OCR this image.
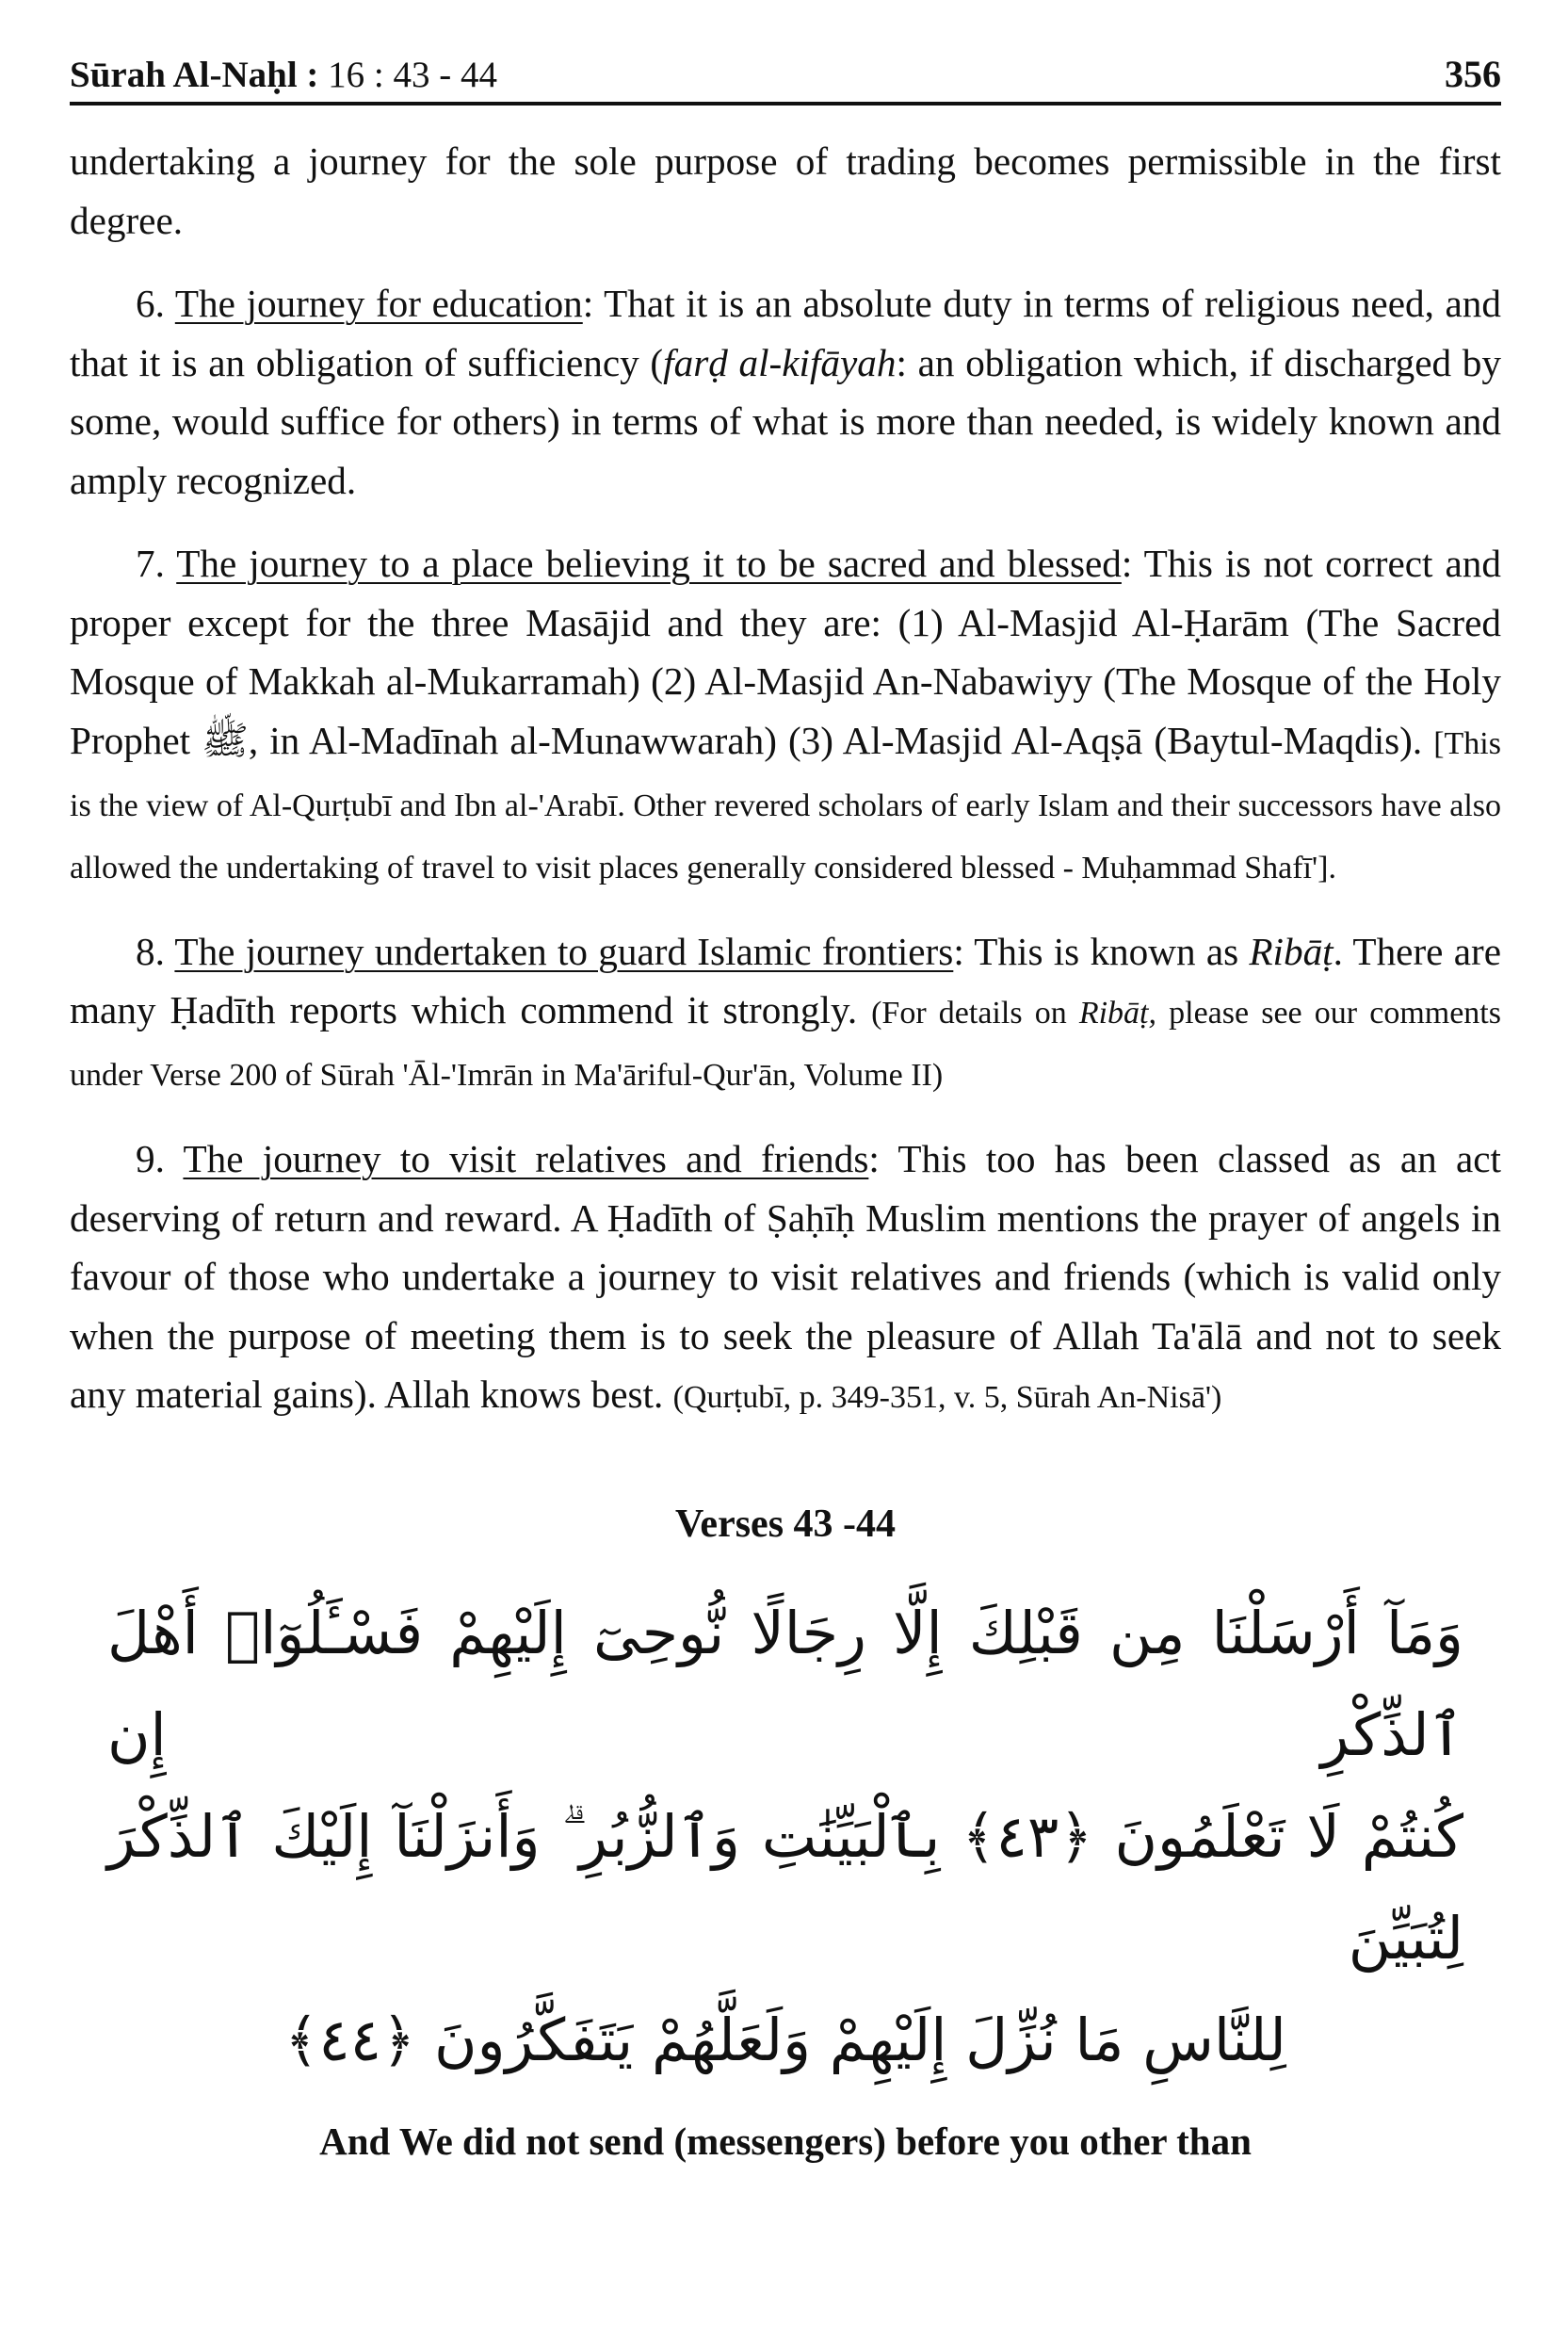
Sūrah Al-Naḥl : 16 : 43 - 44	356

undertaking a journey for the sole purpose of trading becomes permissible in the first degree.

6. The journey for education: That it is an absolute duty in terms of religious need, and that it is an obligation of sufficiency (farḍ al-kifāyah: an obligation which, if discharged by some, would suffice for others) in terms of what is more than needed, is widely known and amply recognized.

7. The journey to a place believing it to be sacred and blessed: This is not correct and proper except for the three Masājid and they are: (1) Al-Masjid Al-Ḥarām (The Sacred Mosque of Makkah al-Mukarramah) (2) Al-Masjid An-Nabawiyy (The Mosque of the Holy Prophet ﷺ, in Al-Madīnah al-Munawwarah) (3) Al-Masjid Al-Aqṣā (Baytul-Maqdis). [This is the view of Al-Qurṭubī and Ibn al-'Arabī. Other revered scholars of early Islam and their successors have also allowed the undertaking of travel to visit places generally considered blessed - Muḥammad Shafī'].

8. The journey undertaken to guard Islamic frontiers: This is known as Ribāṭ. There are many Ḥadīth reports which commend it strongly. (For details on Ribāṭ, please see our comments under Verse 200 of Sūrah 'Āl-'Imrān in Ma'āriful-Qur'ān, Volume II)

9. The journey to visit relatives and friends: This too has been classed as an act deserving of return and reward. A Ḥadīth of Ṣaḥīḥ Muslim mentions the prayer of angels in favour of those who undertake a journey to visit relatives and friends (which is valid only when the purpose of meeting them is to seek the pleasure of Allah Ta'ālā and not to seek any material gains). Allah knows best. (Qurṭubī, p. 349-351, v. 5, Sūrah An-Nisā')

Verses 43 -44

وَمَآ أَرْسَلْنَا مِن قَبْلِكَ إِلَّا رِجَالًا نُّوحِىٓ إِلَيْهِمْ فَسْـَٔلُوٓا۟ أَهْلَ ٱلذِّكْرِ إِن

كُنتُمْ لَا تَعْلَمُونَ ﴿٤٣﴾ بِٱلْبَيِّنَٰتِ وَٱلزُّبُرِ ۗ وَأَنزَلْنَآ إِلَيْكَ ٱلذِّكْرَ لِتُبَيِّنَ

لِلنَّاسِ مَا نُزِّلَ إِلَيْهِمْ وَلَعَلَّهُمْ يَتَفَكَّرُونَ ﴿٤٤﴾

And We did not send (messengers) before you other than
